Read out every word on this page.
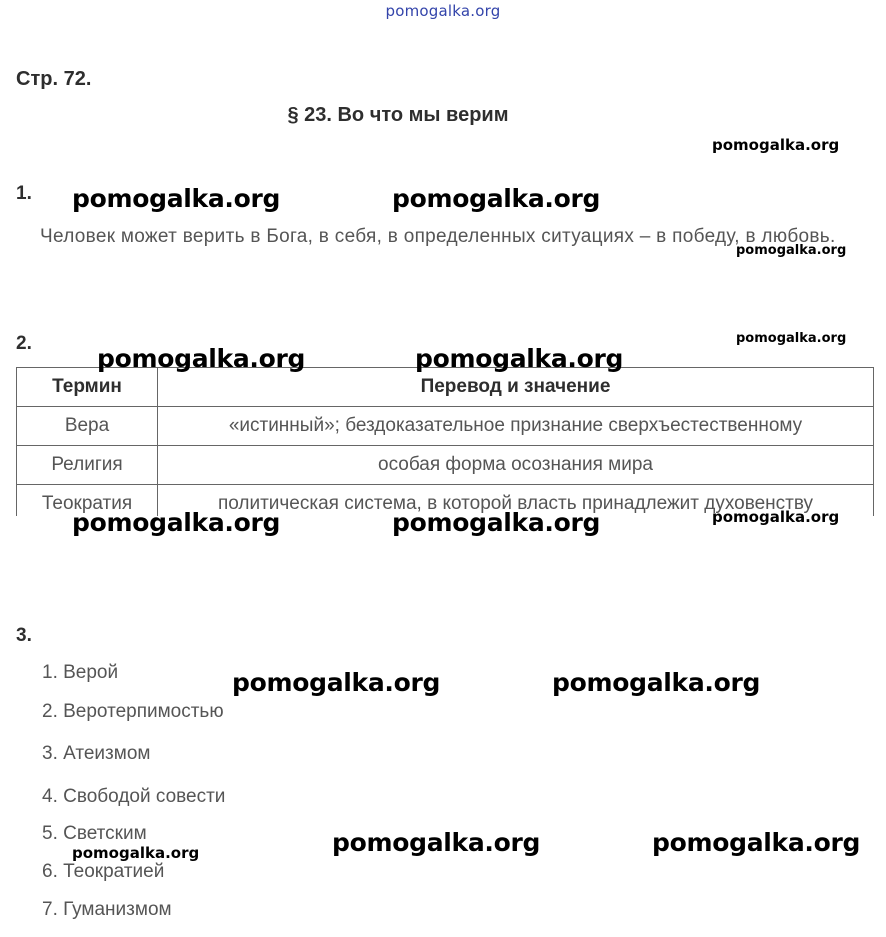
pomogalka.org
Стр. 72.
§ 23. Во что мы верим
pomogalka.org
1. pomogalka.org	pomogalka.org
Человек может верить в Бога, в себя, в определенных ситуациях – в победу, в любовь.
pomogalka.org
2.	pomogalka.org
Термин	Перевод и значение
Вера	«истинный»; бездоказательное признание сверхъестественному
Религия	особая форма осознания мира
Теократия	политическая система, в которой власть принадлежит духовенству
pomogalka.org	pomogalka.org
pomogalka.org	pomogalka.org	pomogalka.org
3.
1. Верой
2. Веротерпимостью
3. Атеизмом
4. Свободой совести
5. Светским
6. Теократией
7. Гуманизмом
pomogalka.org	pomogalka.org
pomogalka.org	pomogalka.org	pomogalka.org
